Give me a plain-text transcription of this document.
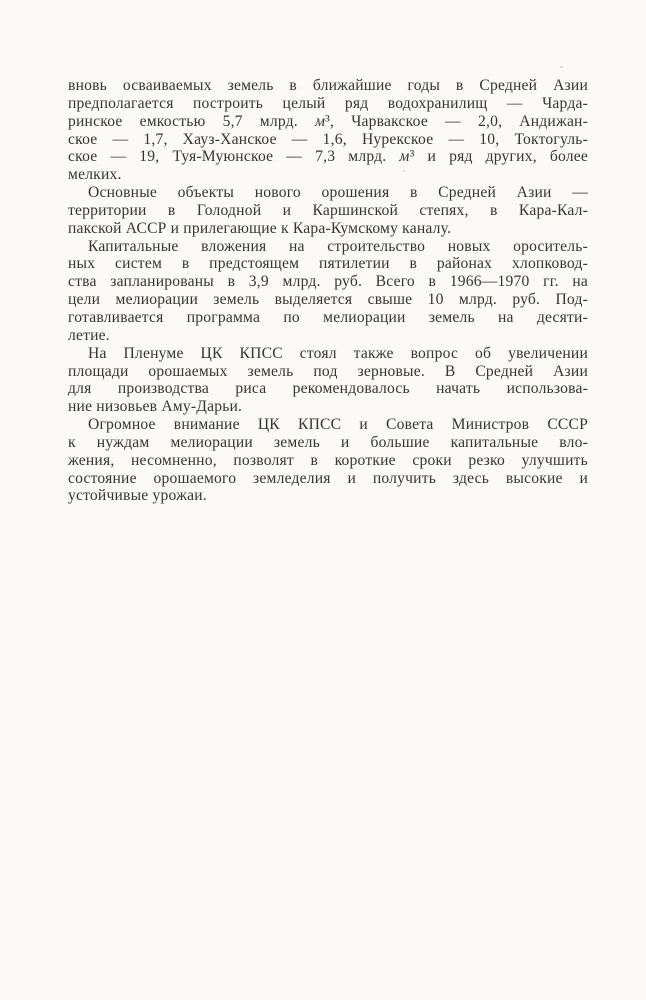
вновь осваиваемых земель в ближайшие годы в Средней Азии
предполагается построить целый ряд водохранилищ — Чарда-
ринское емкостью 5,7 млрд. м³, Чарвакское — 2,0, Андижан-
ское — 1,7, Хауз-Ханское — 1,6, Нурекское — 10, Токтогуль-
ское — 19, Туя-Муюнское — 7,3 млрд. м³ и ряд других, более
мелких.
Основные объекты нового орошения в Средней Азии —
территории в Голодной и Каршинской степях, в Кара-Кал-
пакской АССР и прилегающие к Кара-Кумскому каналу.
Капитальные вложения на строительство новых ороситель-
ных систем в предстоящем пятилетии в районах хлопковод-
ства запланированы в 3,9 млрд. руб. Всего в 1966—1970 гг. на
цели мелиорации земель выделяется свыше 10 млрд. руб. Под-
готавливается программа по мелиорации земель на десяти-
летие.
На Пленуме ЦК КПСС стоял также вопрос об увеличении
площади орошаемых земель под зерновые. В Средней Азии
для производства риса рекомендовалось начать использова-
ние низовьев Аму-Дарьи.
Огромное внимание ЦК КПСС и Совета Министров СССР
к нуждам мелиорации земель и большие капитальные вло-
жения, несомненно, позволят в короткие сроки резко улучшить
состояние орошаемого земледелия и получить здесь высокие и
устойчивые урожаи.
